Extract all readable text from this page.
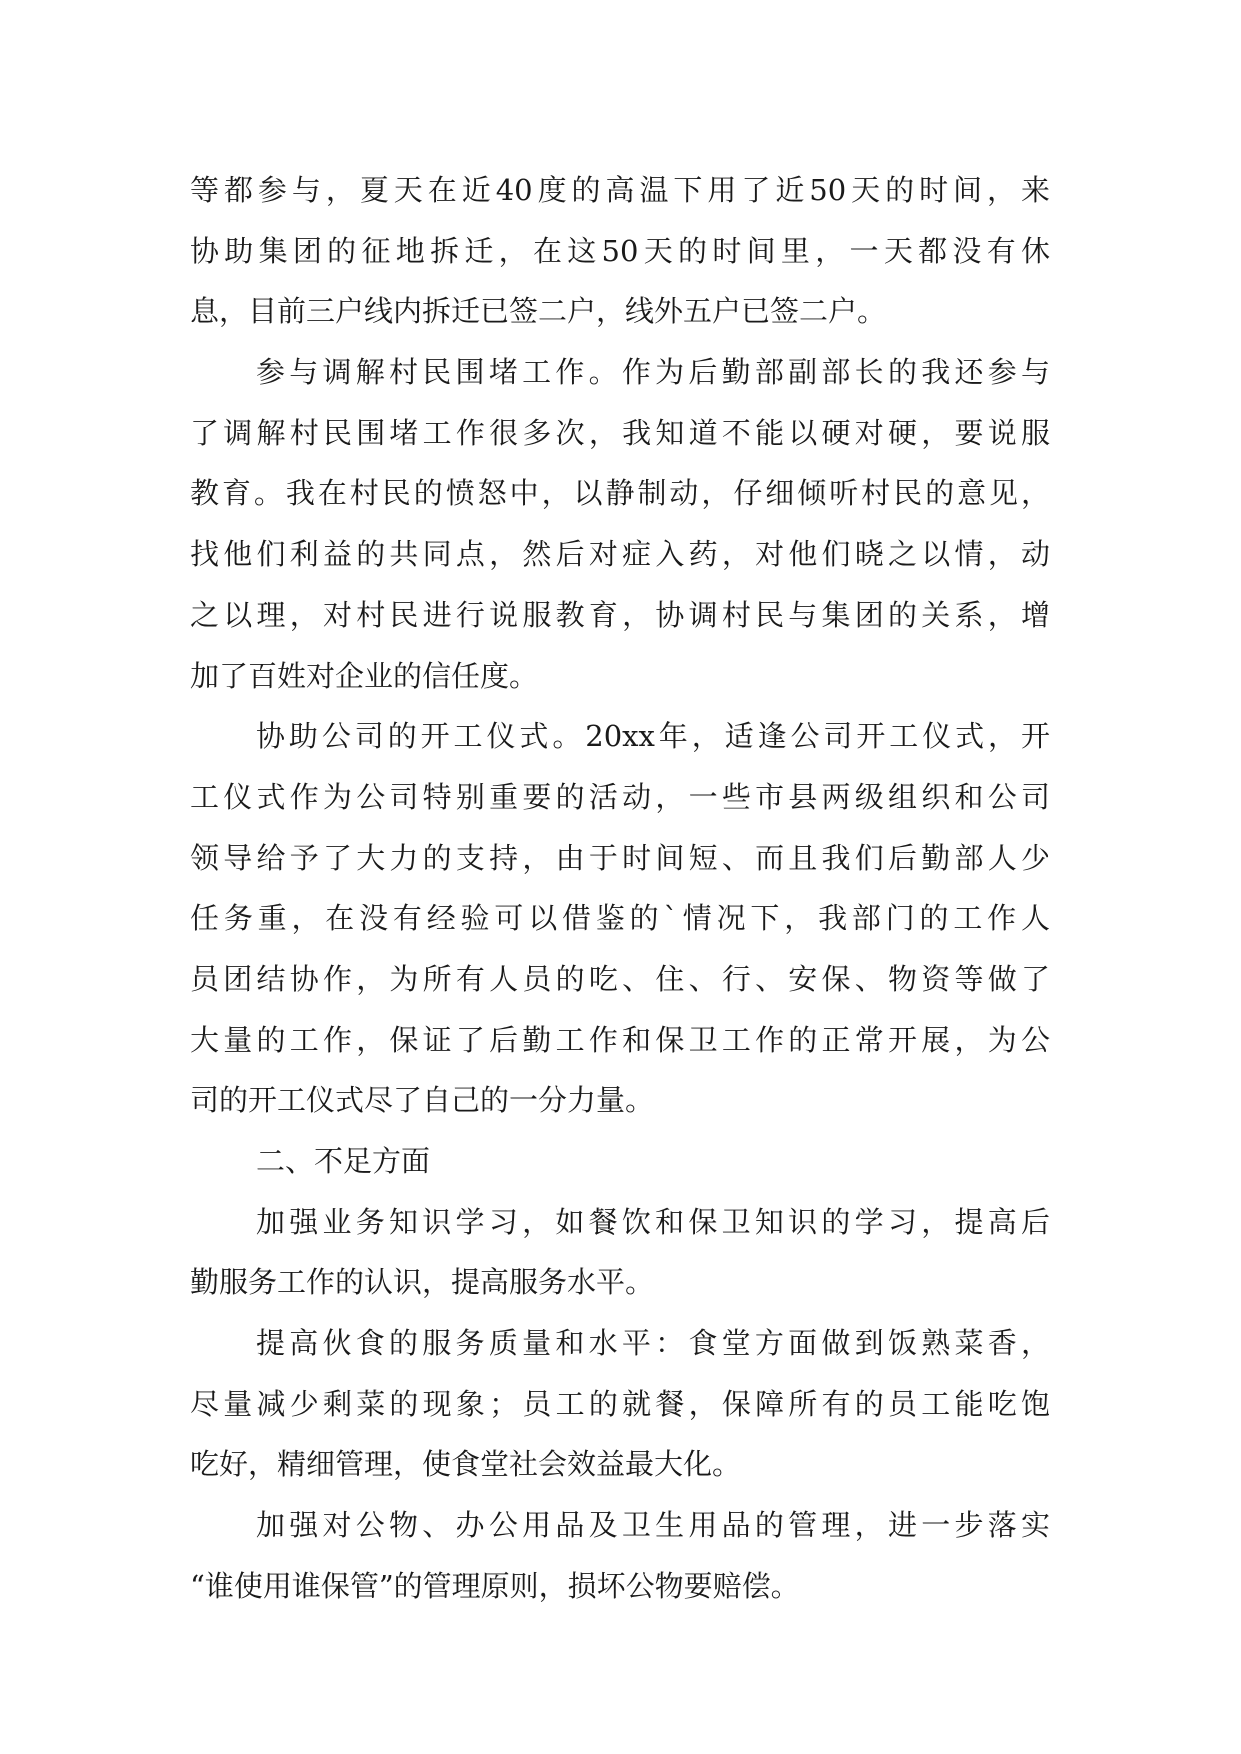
等都参与，夏天在近40度的高温下用了近50天的时间，来
协助集团的征地拆迁，在这50天的时间里，一天都没有休
息，目前三户线内拆迁已签二户，线外五户已签二户。
参与调解村民围堵工作。作为后勤部副部长的我还参与
了调解村民围堵工作很多次，我知道不能以硬对硬，要说服
教育。我在村民的愤怒中，以静制动，仔细倾听村民的意见，
找他们利益的共同点，然后对症入药，对他们晓之以情，动
之以理，对村民进行说服教育，协调村民与集团的关系，增
加了百姓对企业的信任度。
协助公司的开工仪式。20xx年，适逢公司开工仪式，开
工仪式作为公司特别重要的活动，一些市县两级组织和公司
领导给予了大力的支持，由于时间短、而且我们后勤部人少
任务重，在没有经验可以借鉴的`情况下，我部门的工作人
员团结协作，为所有人员的吃、住、行、安保、物资等做了
大量的工作，保证了后勤工作和保卫工作的正常开展，为公
司的开工仪式尽了自己的一分力量。
二、不足方面
加强业务知识学习，如餐饮和保卫知识的学习，提高后
勤服务工作的认识，提高服务水平。
提高伙食的服务质量和水平：食堂方面做到饭熟菜香，
尽量减少剩菜的现象；员工的就餐，保障所有的员工能吃饱
吃好，精细管理，使食堂社会效益最大化。
加强对公物、办公用品及卫生用品的管理，进一步落实
“谁使用谁保管”的管理原则，损坏公物要赔偿。
